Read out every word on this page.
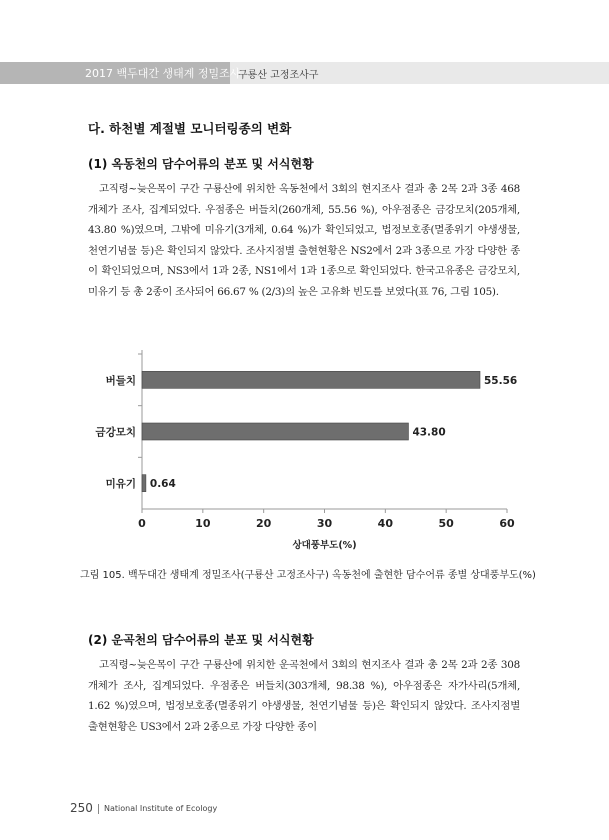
2017 백두대간 생태계 정밀조사
구룡산 고정조사구
다. 하천별 계절별 모니터링종의 변화
(1) 옥동천의 담수어류의 분포 및 서식현황

고직령~늦은목이 구간 구룡산에 위치한 옥동천에서 3회의 현지조사 결과 총 2목 2과 3종 468개체가 조사, 집계되었다. 우점종은 버들치(260개체, 55.56 %), 아우점종은 금강모치(205개체, 43.80 %)였으며, 그밖에 미유기(3개체, 0.64 %)가 확인되었고, 법정보호종(멸종위기 야생생물, 천연기념물 등)은 확인되지 않았다. 조사지점별 출현현황은 NS2에서 2과 3종으로 가장 다양한 종이 확인되었으며, NS3에서 1과 2종, NS1에서 1과 1종으로 확인되었다. 한국고유종은 금강모치, 미유기 등 총 2종이 조사되어 66.67 % (2/3)의 높은 고유화 빈도를 보였다(표 76, 그림 105).

버들치	55.56
금강모치	43.80
미유기 0.64
0	10	20	30	40	50	60
상대풍부도(%)
그림 105. 백두대간 생태계 정밀조사(구룡산 고정조사구) 옥동천에 출현한 담수어류 종별 상대풍부도(%)
(2) 운곡천의 담수어류의 분포 및 서식현황

고직령~늦은목이 구간 구룡산에 위치한 운곡천에서 3회의 현지조사 결과 총 2목 2과 2종 308개체가 조사, 집계되었다. 우점종은 버들치(303개체, 98.38 %), 아우점종은 자가사리(5개체, 1.62 %)였으며, 법정보호종(멸종위기 야생생물, 천연기념물 등)은 확인되지 않았다. 조사지점별 출현현황은 US3에서 2과 2종으로 가장 다양한 종이

250 National Institute of Ecology
